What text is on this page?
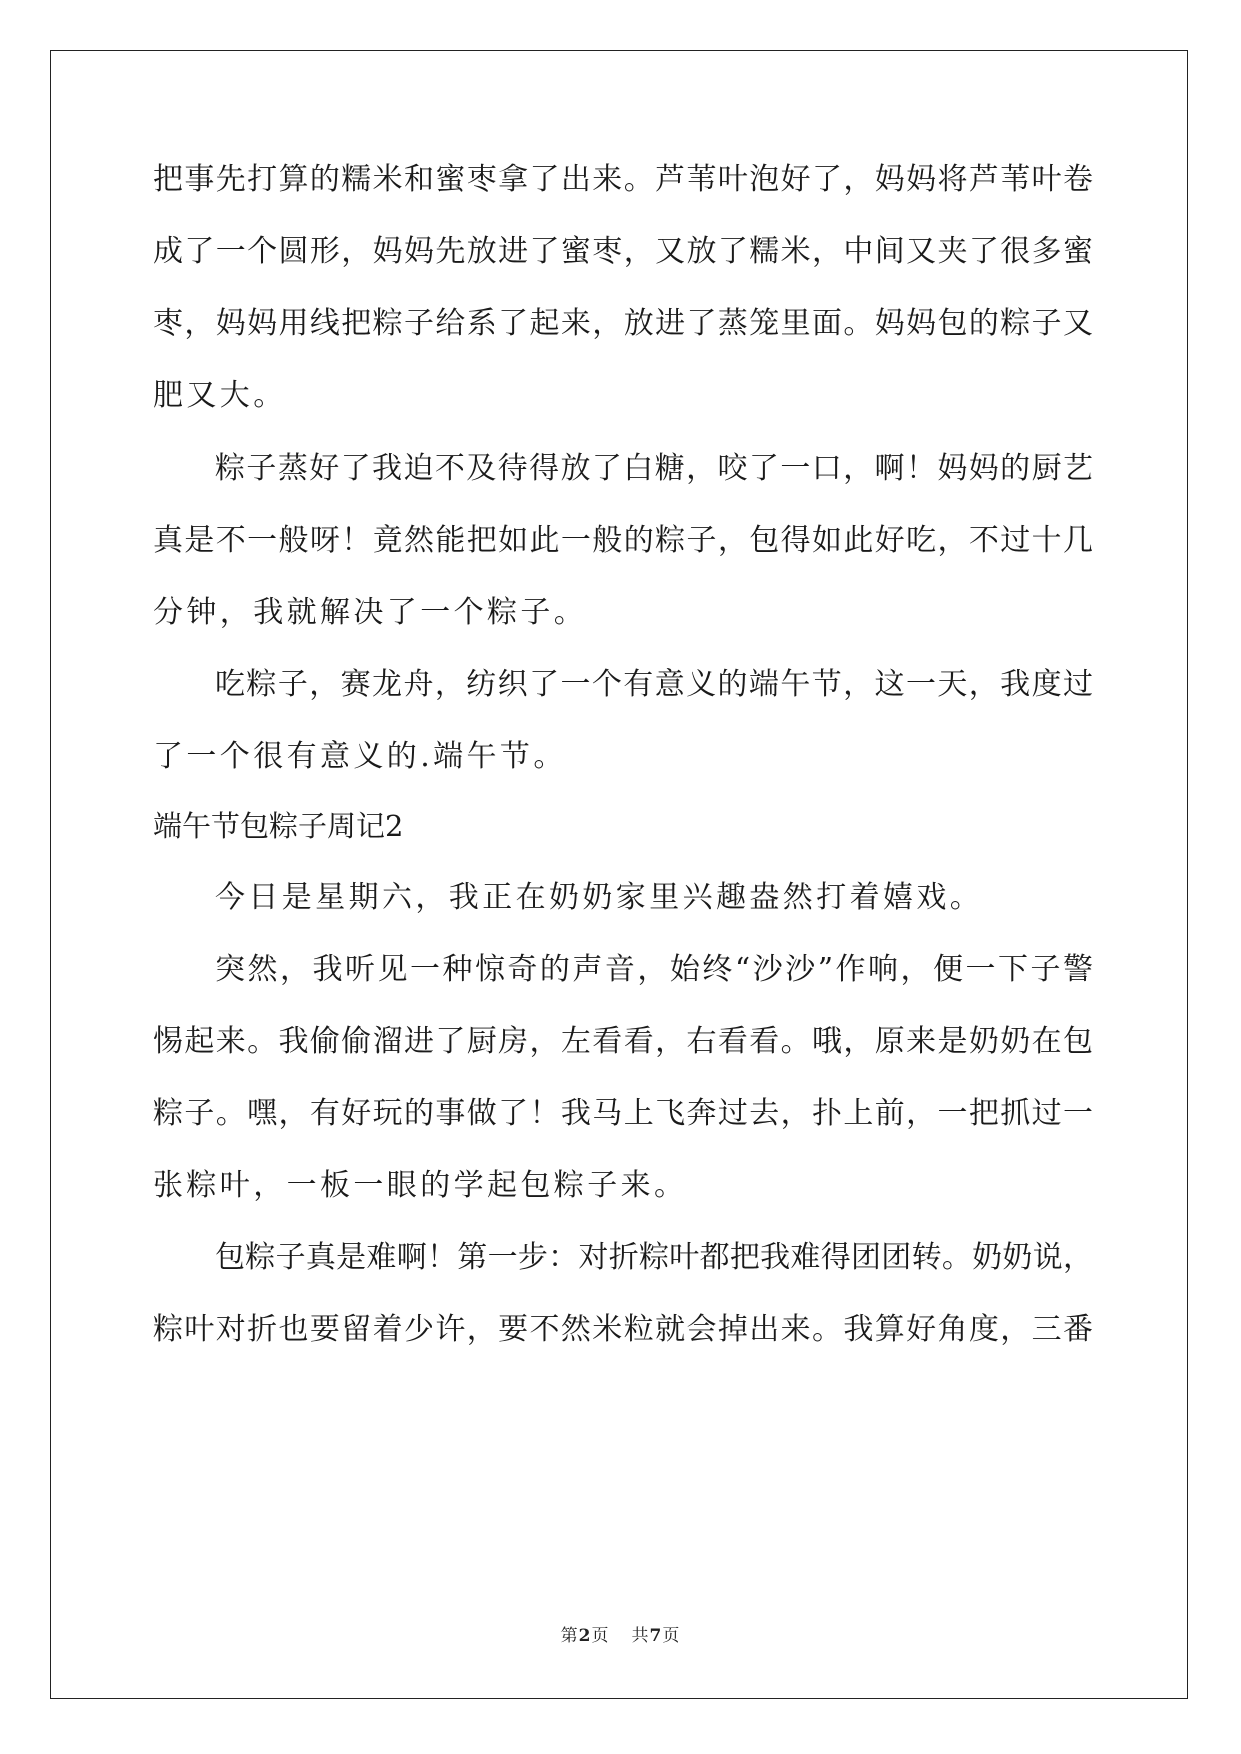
把事先打算的糯米和蜜枣拿了出来。芦苇叶泡好了，妈妈将芦苇叶卷
成了一个圆形，妈妈先放进了蜜枣，又放了糯米，中间又夹了很多蜜
枣，妈妈用线把粽子给系了起来，放进了蒸笼里面。妈妈包的粽子又
肥又大。
粽子蒸好了我迫不及待得放了白糖，咬了一口，啊！妈妈的厨艺
真是不一般呀！竟然能把如此一般的粽子，包得如此好吃，不过十几
分钟，我就解决了一个粽子。
吃粽子，赛龙舟，纺织了一个有意义的端午节，这一天，我度过
了一个很有意义的.端午节。
端午节包粽子周记2
今日是星期六，我正在奶奶家里兴趣盎然打着嬉戏。
突然，我听见一种惊奇的声音，始终“沙沙”作响，便一下子警
惕起来。我偷偷溜进了厨房，左看看，右看看。哦，原来是奶奶在包
粽子。嘿，有好玩的事做了！我马上飞奔过去，扑上前，一把抓过一
张粽叶，一板一眼的学起包粽子来。
包粽子真是难啊！第一步：对折粽叶都把我难得团团转。奶奶说，
粽叶对折也要留着少许，要不然米粒就会掉出来。我算好角度，三番
第2页 共7页
